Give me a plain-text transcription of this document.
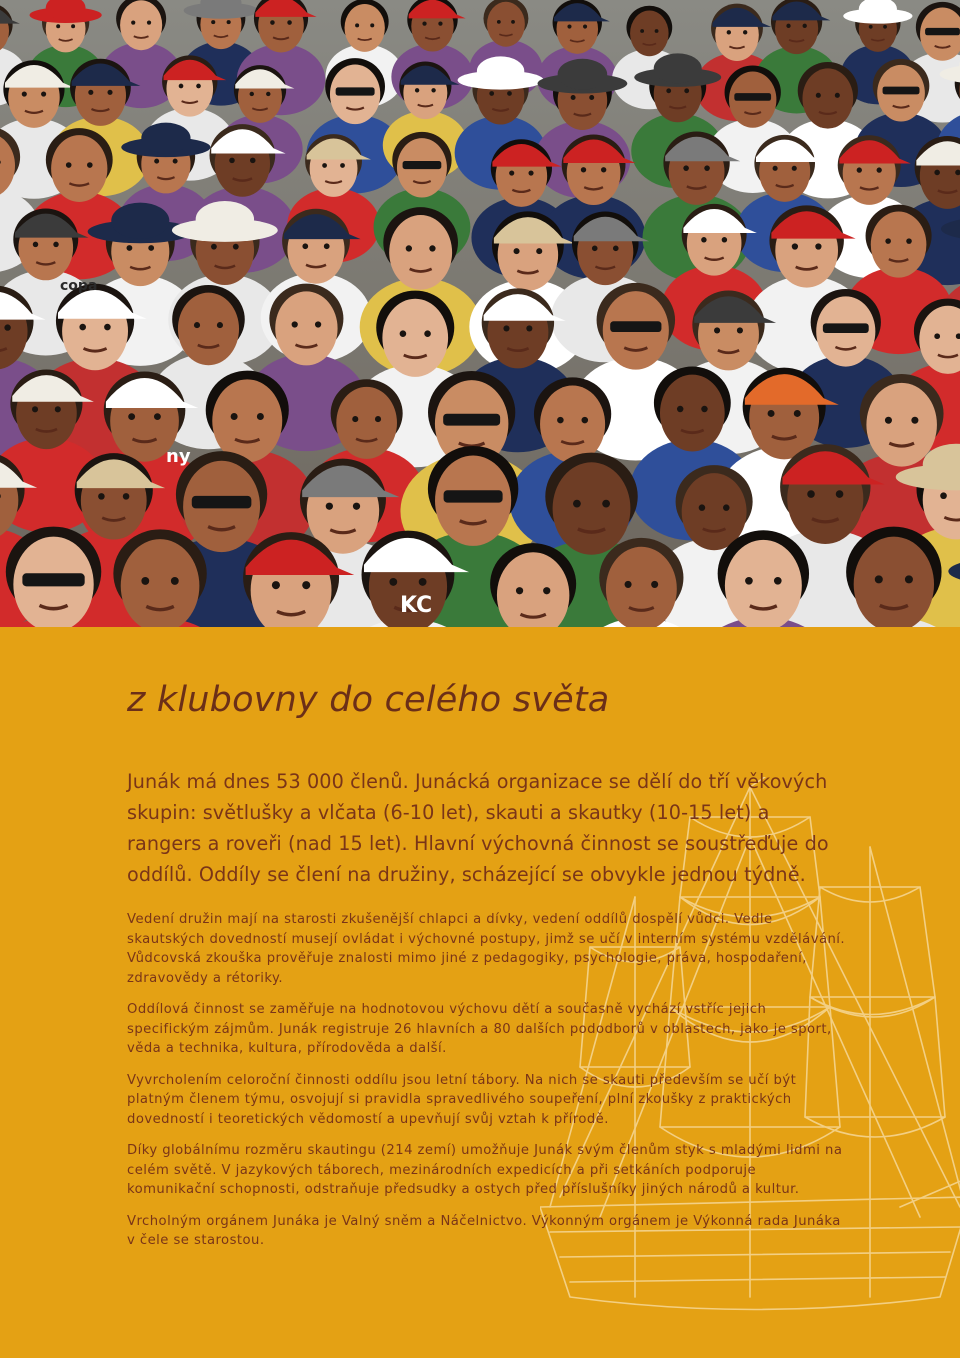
ny
KC
copa
z klubovny do celého světa

Junák má dnes 53 000 členů. Junácká organizace se dělí do tří věkových skupin: světlušky a vlčata (6-10 let), skauti a skautky (10-15 let) a rangers a roveři (nad 15 let). Hlavní výchovná činnost se soustřeďuje do oddílů. Oddíly se člení na družiny, scházející se obvykle jednou týdně.

Vedení družin mají na starosti zkušenější chlapci a dívky, vedení oddílů dospělí vůdci. Vedle skautských dovedností musejí ovládat i výchovné postupy, jimž se učí v interním systému vzdělávání. Vůdcovská zkouška prověřuje znalosti mimo jiné z pedagogiky, psychologie, práva, hospodaření, zdravovědy a rétoriky.

Oddílová činnost se zaměřuje na hodnotovou výchovu dětí a současně vychází vstříc jejich specifickým zájmům. Junák registruje 26 hlavních a 80 dalších pododborů v oblastech, jako je sport, věda a technika, kultura, přírodověda a další.

Vyvrcholením celoroční činnosti oddílu jsou letní tábory. Na nich se skauti především se učí být platným členem týmu, osvojují si pravidla spravedlivého soupeření, plní zkoušky z praktických dovedností i teoretických vědomostí a upevňují svůj vztah k přírodě.

Díky globálnímu rozměru skautingu (214 zemí) umožňuje Junák svým členům styk s mladými lidmi na celém světě. V jazykových táborech, mezinárodních expedicích a při setkáních podporuje komunikační schopnosti, odstraňuje předsudky a ostych před příslušníky jiných národů a kultur.

Vrcholným orgánem Junáka je Valný sněm a Náčelnictvo. Výkonným orgánem je Výkonná rada Junáka v čele se starostou.
